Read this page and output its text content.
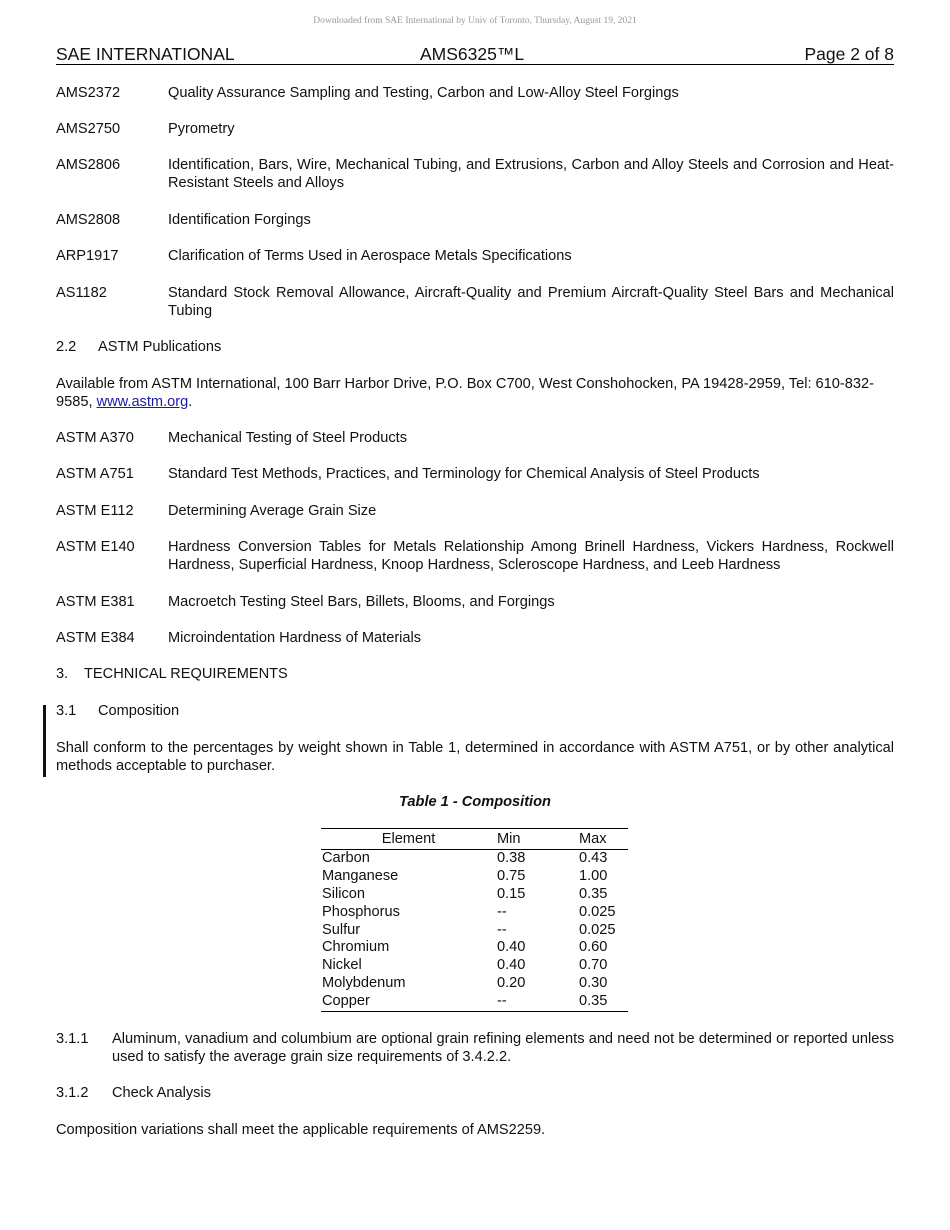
Downloaded from SAE International by Univ of Toronto, Thursday, August 19, 2021
SAE INTERNATIONAL	AMS6325™L	Page 2 of 8
AMS2372	Quality Assurance Sampling and Testing, Carbon and Low-Alloy Steel Forgings
AMS2750	Pyrometry
AMS2806	Identification, Bars, Wire, Mechanical Tubing, and Extrusions, Carbon and Alloy Steels and Corrosion and Heat-Resistant Steels and Alloys
AMS2808	Identification Forgings
ARP1917	Clarification of Terms Used in Aerospace Metals Specifications
AS1182	Standard Stock Removal Allowance, Aircraft-Quality and Premium Aircraft-Quality Steel Bars and Mechanical Tubing
2.2 ASTM Publications
Available from ASTM International, 100 Barr Harbor Drive, P.O. Box C700, West Conshohocken, PA 19428-2959, Tel: 610-832-9585, www.astm.org.
ASTM A370	Mechanical Testing of Steel Products
ASTM A751	Standard Test Methods, Practices, and Terminology for Chemical Analysis of Steel Products
ASTM E112	Determining Average Grain Size
ASTM E140	Hardness Conversion Tables for Metals Relationship Among Brinell Hardness, Vickers Hardness, Rockwell Hardness, Superficial Hardness, Knoop Hardness, Scleroscope Hardness, and Leeb Hardness
ASTM E381	Macroetch Testing Steel Bars, Billets, Blooms, and Forgings
ASTM E384	Microindentation Hardness of Materials
3. TECHNICAL REQUIREMENTS
3.1 Composition
Shall conform to the percentages by weight shown in Table 1, determined in accordance with ASTM A751, or by other analytical methods acceptable to purchaser.
Table 1 - Composition
Element	Min	Max
Carbon	0.38	0.43
Manganese	0.75	1.00
Silicon	0.15	0.35
Phosphorus	--	0.025
Sulfur	--	0.025
Chromium	0.40	0.60
Nickel	0.40	0.70
Molybdenum	0.20	0.30
Copper	--	0.35
3.1.1	Aluminum, vanadium and columbium are optional grain refining elements and need not be determined or reported unless used to satisfy the average grain size requirements of 3.4.2.2.
3.1.2 Check Analysis
Composition variations shall meet the applicable requirements of AMS2259.
